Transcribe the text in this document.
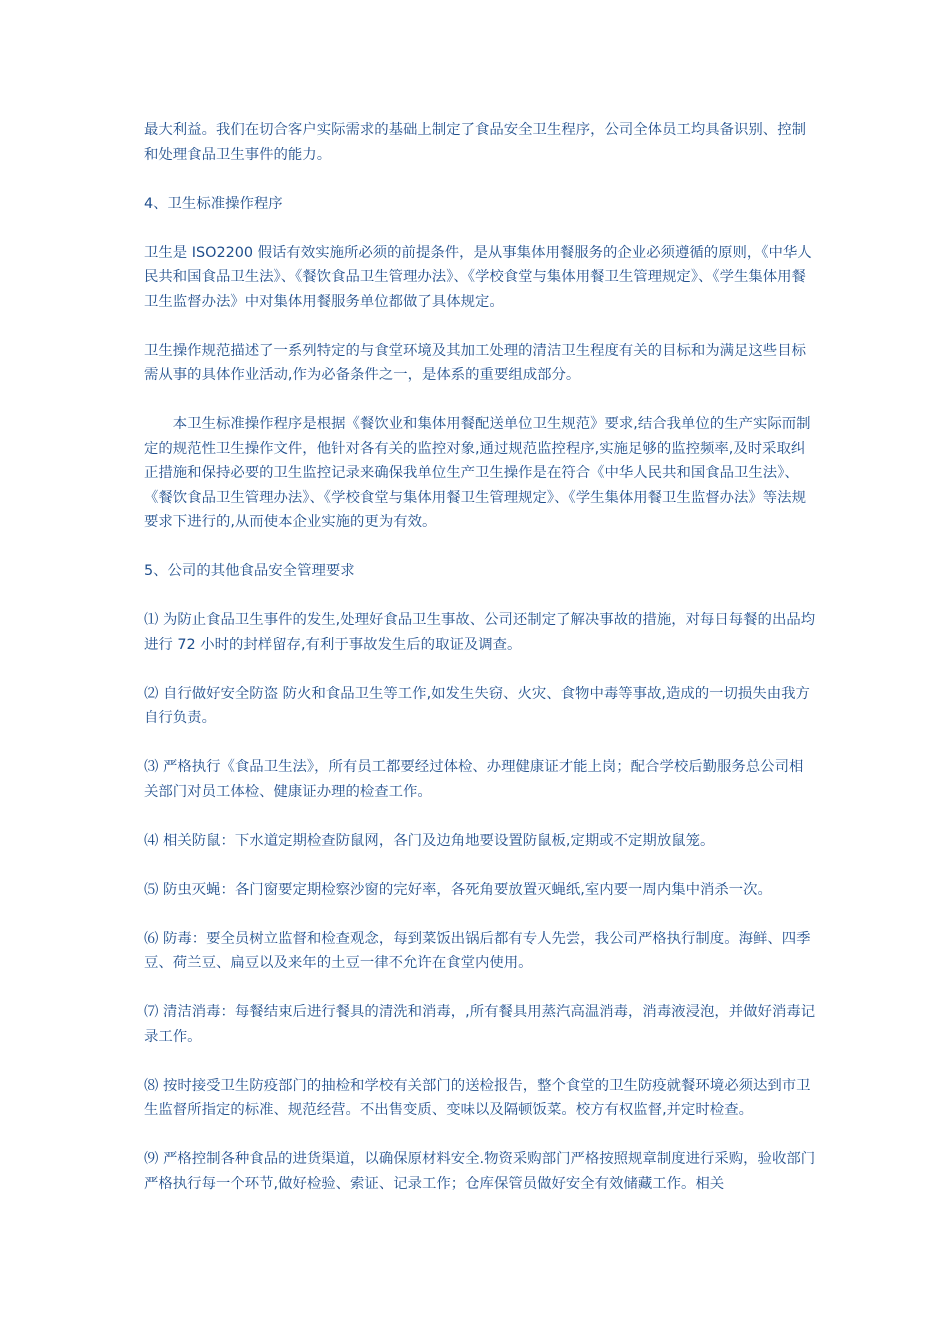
最大利益。我们在切合客户实际需求的基础上制定了食品安全卫生程序，公司全体员工均具备识别、控制和处理食品卫生事件的能力。

4、卫生标准操作程序

卫生是 ISO2200 假话有效实施所必须的前提条件，是从事集体用餐服务的企业必须遵循的原则，《中华人民共和国食品卫生法》、《餐饮食品卫生管理办法》、《学校食堂与集体用餐卫生管理规定》、《学生集体用餐卫生监督办法》中对集体用餐服务单位都做了具体规定。

卫生操作规范描述了一系列特定的与食堂环境及其加工处理的清洁卫生程度有关的目标和为满足这些目标需从事的具体作业活动,作为必备条件之一，是体系的重要组成部分。

本卫生标准操作程序是根据《餐饮业和集体用餐配送单位卫生规范》要求,结合我单位的生产实际而制定的规范性卫生操作文件，他针对各有关的监控对象,通过规范监控程序,实施足够的监控频率,及时采取纠正措施和保持必要的卫生监控记录来确保我单位生产卫生操作是在符合《中华人民共和国食品卫生法》、《餐饮食品卫生管理办法》、《学校食堂与集体用餐卫生管理规定》、《学生集体用餐卫生监督办法》等法规要求下进行的,从而使本企业实施的更为有效。

5、公司的其他食品安全管理要求

⑴ 为防止食品卫生事件的发生,处理好食品卫生事故、公司还制定了解决事故的措施，对每日每餐的出品均进行 72 小时的封样留存,有利于事故发生后的取证及调查。

⑵ 自行做好安全防盗 防火和食品卫生等工作,如发生失窃、火灾、食物中毒等事故,造成的一切损失由我方自行负责。

⑶ 严格执行《食品卫生法》，所有员工都要经过体检、办理健康证才能上岗；配合学校后勤服务总公司相关部门对员工体检、健康证办理的检查工作。

⑷ 相关防鼠：下水道定期检查防鼠网，各门及边角地要设置防鼠板,定期或不定期放鼠笼。

⑸ 防虫灭蝇：各门窗要定期检察沙窗的完好率，各死角要放置灭蝇纸,室内要一周内集中消杀一次。

⑹ 防毒：要全员树立监督和检查观念，每到菜饭出锅后都有专人先尝，我公司严格执行制度。海鲜、四季豆、荷兰豆、扁豆以及来年的土豆一律不允许在食堂内使用。

⑺ 清洁消毒：每餐结束后进行餐具的清洗和消毒，,所有餐具用蒸汽高温消毒，消毒液浸泡，并做好消毒记录工作。

⑻ 按时接受卫生防疫部门的抽检和学校有关部门的送检报告，整个食堂的卫生防疫就餐环境必须达到市卫生监督所指定的标准、规范经营。不出售变质、变味以及隔顿饭菜。校方有权监督,并定时检查。

⑼ 严格控制各种食品的进货渠道，以确保原材料安全.物资采购部门严格按照规章制度进行采购，验收部门严格执行每一个环节,做好检验、索证、记录工作；仓库保管员做好安全有效储藏工作。相关
